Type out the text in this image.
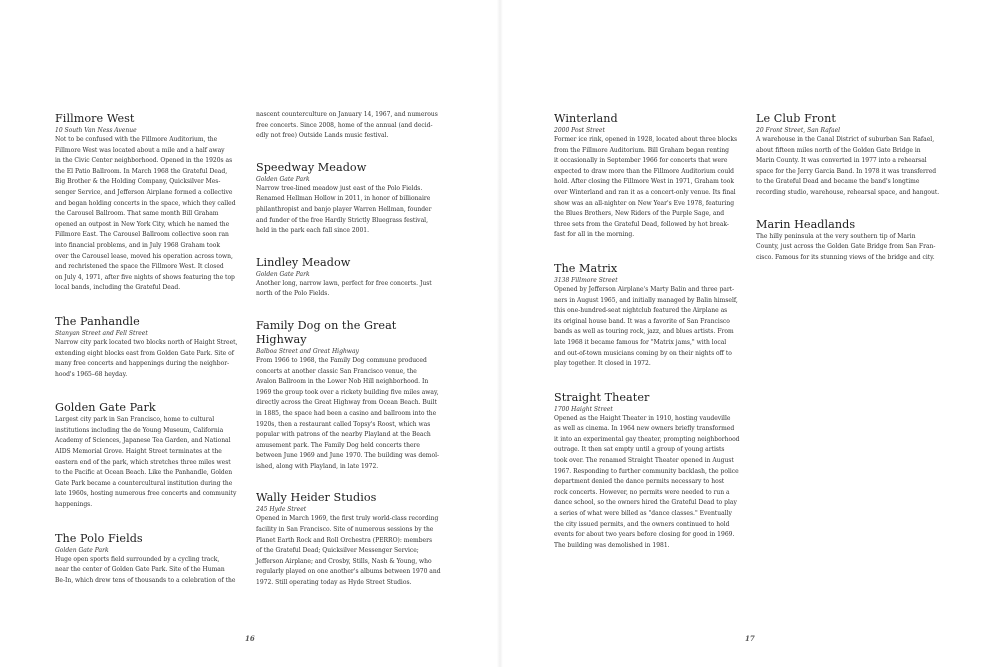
Fillmore West

10 South Van Ness Avenue

Not to be confused with the Fillmore Auditorium, the
Fillmore West was located about a mile and a half away
in the Civic Center neighborhood. Opened in the 1920s as
the El Patio Ballroom. In March 1968 the Grateful Dead,
Big Brother & the Holding Company, Quicksilver Mes-
senger Service, and Jefferson Airplane formed a collective
and began holding concerts in the space, which they called
the Carousel Ballroom. That same month Bill Graham
opened an outpost in New York City, which he named the
Fillmore East. The Carousel Ballroom collective soon ran
into financial problems, and in July 1968 Graham took
over the Carousel lease, moved his operation across town,
and rechristened the space the Fillmore West. It closed
on July 4, 1971, after five nights of shows featuring the top
local bands, including the Grateful Dead.
The Panhandle

Stanyan Street and Fell Street

Narrow city park located two blocks north of Haight Street,
extending eight blocks east from Golden Gate Park. Site of
many free concerts and happenings during the neighbor-
hood's 1965–68 heyday.
Golden Gate Park
Largest city park in San Francisco, home to cultural
institutions including the de Young Museum, California
Academy of Sciences, Japanese Tea Garden, and National
AIDS Memorial Grove. Haight Street terminates at the
eastern end of the park, which stretches three miles west
to the Pacific at Ocean Beach. Like the Panhandle, Golden
Gate Park became a countercultural institution during the
late 1960s, hosting numerous free concerts and community
happenings.
The Polo Fields

Golden Gate Park

Huge open sports field surrounded by a cycling track,
near the center of Golden Gate Park. Site of the Human
Be-In, which drew tens of thousands to a celebration of the
nascent counterculture on January 14, 1967, and numerous
free concerts. Since 2008, home of the annual (and decid-
edly not free) Outside Lands music festival.
Speedway Meadow

Golden Gate Park

Narrow tree-lined meadow just east of the Polo Fields.
Renamed Hellman Hollow in 2011, in honor of billionaire
philanthropist and banjo player Warren Hellman, founder
and funder of the free Hardly Strictly Bluegrass festival,
held in the park each fall since 2001.
Lindley Meadow

Golden Gate Park

Another long, narrow lawn, perfect for free concerts. Just
north of the Polo Fields.
Family Dog on the Great Highway

Balboa Street and Great Highway

From 1966 to 1968, the Family Dog commune produced
concerts at another classic San Francisco venue, the
Avalon Ballroom in the Lower Nob Hill neighborhood. In
1969 the group took over a rickety building five miles away,
directly across the Great Highway from Ocean Beach. Built
in 1885, the space had been a casino and ballroom into the
1920s, then a restaurant called Topsy's Roost, which was
popular with patrons of the nearby Playland at the Beach
amusement park. The Family Dog held concerts there
between June 1969 and June 1970. The building was demol-
ished, along with Playland, in late 1972.
Wally Heider Studios

245 Hyde Street

Opened in March 1969, the first truly world-class recording
facility in San Francisco. Site of numerous sessions by the
Planet Earth Rock and Roll Orchestra (PERRO): members
of the Grateful Dead; Quicksilver Messenger Service;
Jefferson Airplane; and Crosby, Stills, Nash & Young, who
regularly played on one another's albums between 1970 and
1972. Still operating today as Hyde Street Studios.
16
Winterland

2000 Post Street

Former ice rink, opened in 1928, located about three blocks
from the Fillmore Auditorium. Bill Graham began renting
it occasionally in September 1966 for concerts that were
expected to draw more than the Fillmore Auditorium could
hold. After closing the Fillmore West in 1971, Graham took
over Winterland and ran it as a concert-only venue. Its final
show was an all-nighter on New Year's Eve 1978, featuring
the Blues Brothers, New Riders of the Purple Sage, and
three sets from the Grateful Dead, followed by hot break-
fast for all in the morning.
The Matrix

3138 Fillmore Street

Opened by Jefferson Airplane's Marty Balin and three part-
ners in August 1965, and initially managed by Balin himself,
this one-hundred-seat nightclub featured the Airplane as
its original house band. It was a favorite of San Francisco
bands as well as touring rock, jazz, and blues artists. From
late 1968 it became famous for "Matrix jams," with local
and out-of-town musicians coming by on their nights off to
play together. It closed in 1972.
Straight Theater

1700 Haight Street

Opened as the Haight Theater in 1910, hosting vaudeville
as well as cinema. In 1964 new owners briefly transformed
it into an experimental gay theater, prompting neighborhood
outrage. It then sat empty until a group of young artists
took over. The renamed Straight Theater opened in August
1967. Responding to further community backlash, the police
department denied the dance permits necessary to host
rock concerts. However, no permits were needed to run a
dance school, so the owners hired the Grateful Dead to play
a series of what were billed as "dance classes." Eventually
the city issued permits, and the owners continued to hold
events for about two years before closing for good in 1969.
The building was demolished in 1981.
Le Club Front

20 Front Street, San Rafael

A warehouse in the Canal District of suburban San Rafael,
about fifteen miles north of the Golden Gate Bridge in
Marin County. It was converted in 1977 into a rehearsal
space for the Jerry Garcia Band. In 1978 it was transferred
to the Grateful Dead and became the band's longtime
recording studio, warehouse, rehearsal space, and hangout.
Marin Headlands
The hilly peninsula at the very southern tip of Marin
County, just across the Golden Gate Bridge from San Fran-
cisco. Famous for its stunning views of the bridge and city.
17
